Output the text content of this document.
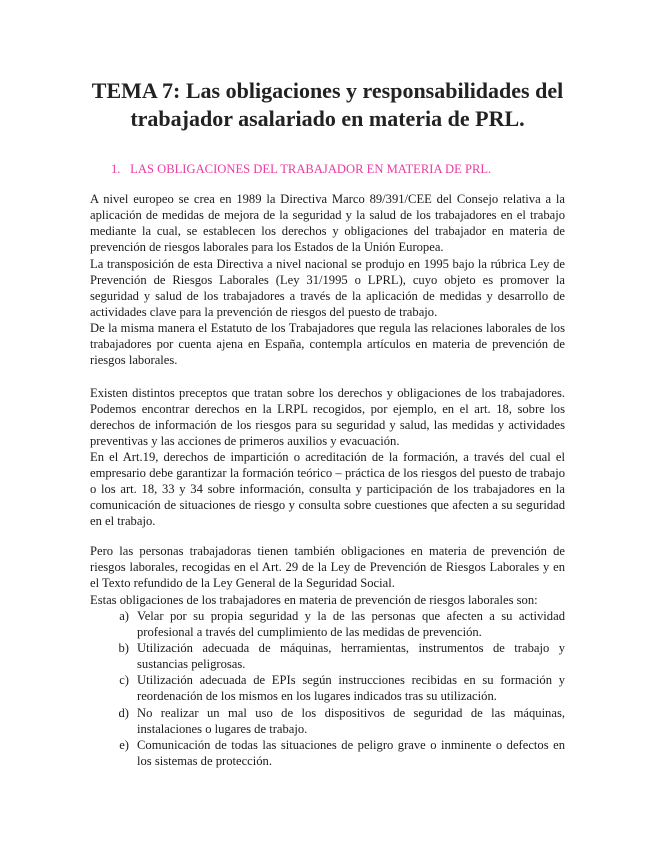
TEMA 7: Las obligaciones y responsabilidades del
trabajador asalariado en materia de PRL.
1. LAS OBLIGACIONES DEL TRABAJADOR EN MATERIA DE PRL.

A nivel europeo se crea en 1989 la Directiva Marco 89/391/CEE del Consejo relativa a la aplicación de medidas de mejora de la seguridad y la salud de los trabajadores en el trabajo mediante la cual, se establecen los derechos y obligaciones del trabajador en materia de prevención de riesgos laborales para los Estados de la Unión Europea.

La transposición de esta Directiva a nivel nacional se produjo en 1995 bajo la rúbrica Ley de Prevención de Riesgos Laborales (Ley 31/1995 o LPRL), cuyo objeto es promover la seguridad y salud de los trabajadores a través de la aplicación de medidas y desarrollo de actividades clave para la prevención de riesgos del puesto de trabajo.

De la misma manera el Estatuto de los Trabajadores que regula las relaciones laborales de los trabajadores por cuenta ajena en España, contempla artículos en materia de prevención de riesgos laborales.

Existen distintos preceptos que tratan sobre los derechos y obligaciones de los trabajadores. Podemos encontrar derechos en la LRPL recogidos, por ejemplo, en el art. 18, sobre los derechos de información de los riesgos para su seguridad y salud, las medidas y actividades preventivas y las acciones de primeros auxilios y evacuación.

En el Art.19, derechos de impartición o acreditación de la formación, a través del cual el empresario debe garantizar la formación teórico – práctica de los riesgos del puesto de trabajo o los art. 18, 33 y 34 sobre información, consulta y participación de los trabajadores en la comunicación de situaciones de riesgo y consulta sobre cuestiones que afecten a su seguridad en el trabajo.

Pero las personas trabajadoras tienen también obligaciones en materia de prevención de riesgos laborales, recogidas en el Art. 29 de la Ley de Prevención de Riesgos Laborales y en el Texto refundido de la Ley General de la Seguridad Social.

Estas obligaciones de los trabajadores en materia de prevención de riesgos laborales son:

a) Velar por su propia seguridad y la de las personas que afecten a su actividad profesional a través del cumplimiento de las medidas de prevención.
b) Utilización adecuada de máquinas, herramientas, instrumentos de trabajo y sustancias peligrosas.
c) Utilización adecuada de EPIs según instrucciones recibidas en su formación y reordenación de los mismos en los lugares indicados tras su utilización.
d) No realizar un mal uso de los dispositivos de seguridad de las máquinas, instalaciones o lugares de trabajo.
e) Comunicación de todas las situaciones de peligro grave o inminente o defectos en los sistemas de protección.
